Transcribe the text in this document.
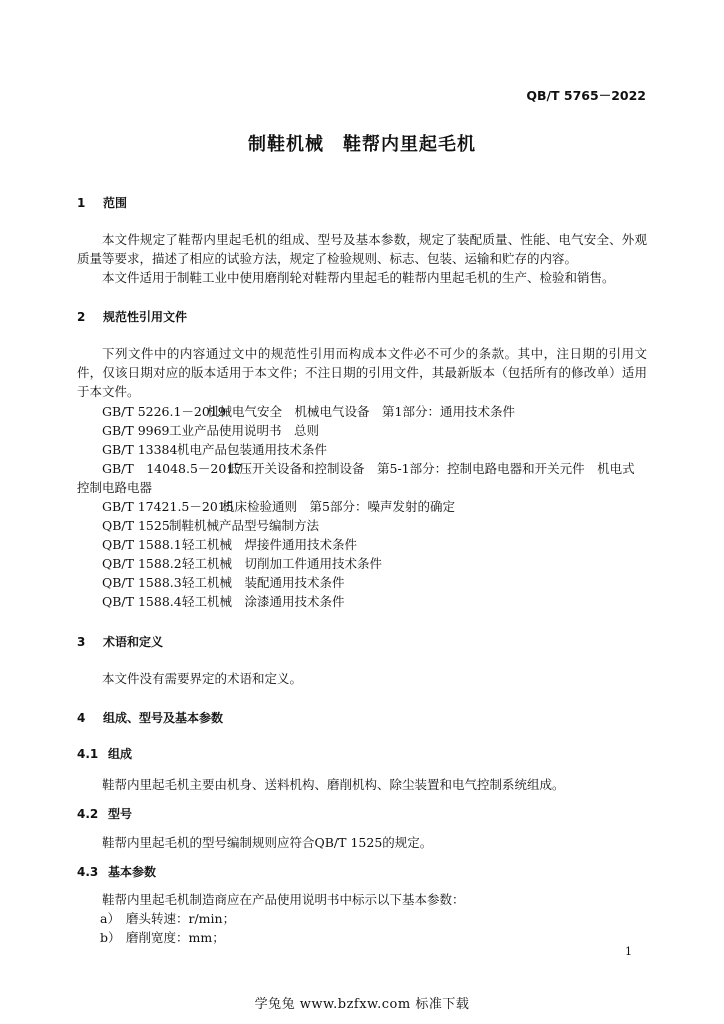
QB/T 5765－2022
制鞋机械　鞋帮内里起毛机
1 范围
本文件规定了鞋帮内里起毛机的组成、型号及基本参数，规定了装配质量、性能、电气安全、外观质量等要求，描述了相应的试验方法，规定了检验规则、标志、包装、运输和贮存的内容。
本文件适用于制鞋工业中使用磨削轮对鞋帮内里起毛的鞋帮内里起毛机的生产、检验和销售。
2 规范性引用文件
下列文件中的内容通过文中的规范性引用而构成本文件必不可少的条款。其中，注日期的引用文件，仅该日期对应的版本适用于本文件；不注日期的引用文件，其最新版本（包括所有的修改单）适用于本文件。
GB/T 5226.1－2019机械电气安全　机械电气设备　第1部分：通用技术条件
GB/T 9969工业产品使用说明书　总则
GB/T 13384机电产品包装通用技术条件
GB/T　14048.5－2017低压开关设备和控制设备　第5-1部分：控制电路电器和开关元件　机电式
控制电路电器
GB/T 17421.5－2015机床检验通则　第5部分：噪声发射的确定
QB/T 1525制鞋机械产品型号编制方法
QB/T 1588.1轻工机械　焊接件通用技术条件
QB/T 1588.2轻工机械　切削加工件通用技术条件
QB/T 1588.3轻工机械　装配通用技术条件
QB/T 1588.4轻工机械　涂漆通用技术条件
3 术语和定义
本文件没有需要界定的术语和定义。
4 组成、型号及基本参数
4.1 组成
鞋帮内里起毛机主要由机身、送料机构、磨削机构、除尘装置和电气控制系统组成。
4.2 型号
鞋帮内里起毛机的型号编制规则应符合QB/T 1525的规定。
4.3 基本参数
鞋帮内里起毛机制造商应在产品使用说明书中标示以下基本参数：
a） 磨头转速：r/min；
b） 磨削宽度：mm；
1
学兔兔 www.bzfxw.com 标准下载
